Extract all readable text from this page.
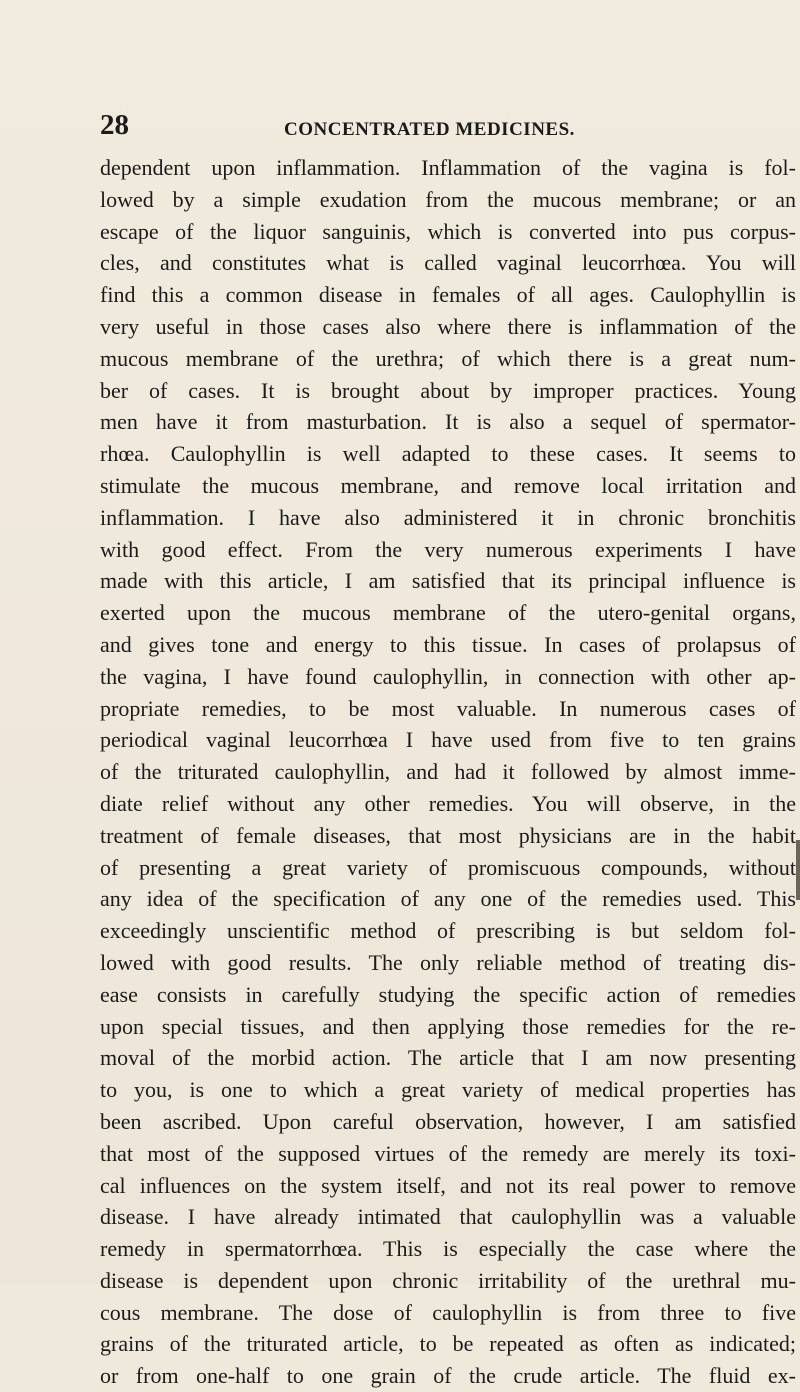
28	CONCENTRATED MEDICINES.
dependent upon inflammation. Inflammation of the vagina is fol-
lowed by a simple exudation from the mucous membrane; or an
escape of the liquor sanguinis, which is converted into pus corpus-
cles, and constitutes what is called vaginal leucorrhœa. You will
find this a common disease in females of all ages. Caulophyllin is
very useful in those cases also where there is inflammation of the
mucous membrane of the urethra; of which there is a great num-
ber of cases. It is brought about by improper practices. Young
men have it from masturbation. It is also a sequel of spermator-
rhœa. Caulophyllin is well adapted to these cases. It seems to
stimulate the mucous membrane, and remove local irritation and
inflammation. I have also administered it in chronic bronchitis
with good effect. From the very numerous experiments I have
made with this article, I am satisfied that its principal influence is
exerted upon the mucous membrane of the utero-genital organs,
and gives tone and energy to this tissue. In cases of prolapsus of
the vagina, I have found caulophyllin, in connection with other ap-
propriate remedies, to be most valuable. In numerous cases of
periodical vaginal leucorrhœa I have used from five to ten grains
of the triturated caulophyllin, and had it followed by almost imme-
diate relief without any other remedies. You will observe, in the
treatment of female diseases, that most physicians are in the habit
of presenting a great variety of promiscuous compounds, without
any idea of the specification of any one of the remedies used. This
exceedingly unscientific method of prescribing is but seldom fol-
lowed with good results. The only reliable method of treating dis-
ease consists in carefully studying the specific action of remedies
upon special tissues, and then applying those remedies for the re-
moval of the morbid action. The article that I am now presenting
to you, is one to which a great variety of medical properties has
been ascribed. Upon careful observation, however, I am satisfied
that most of the supposed virtues of the remedy are merely its toxi-
cal influences on the system itself, and not its real power to remove
disease. I have already intimated that caulophyllin was a valuable
remedy in spermatorrhœa. This is especially the case where the
disease is dependent upon chronic irritability of the urethral mu-
cous membrane. The dose of caulophyllin is from three to five
grains of the triturated article, to be repeated as often as indicated;
or from one-half to one grain of the crude article. The fluid ex-
